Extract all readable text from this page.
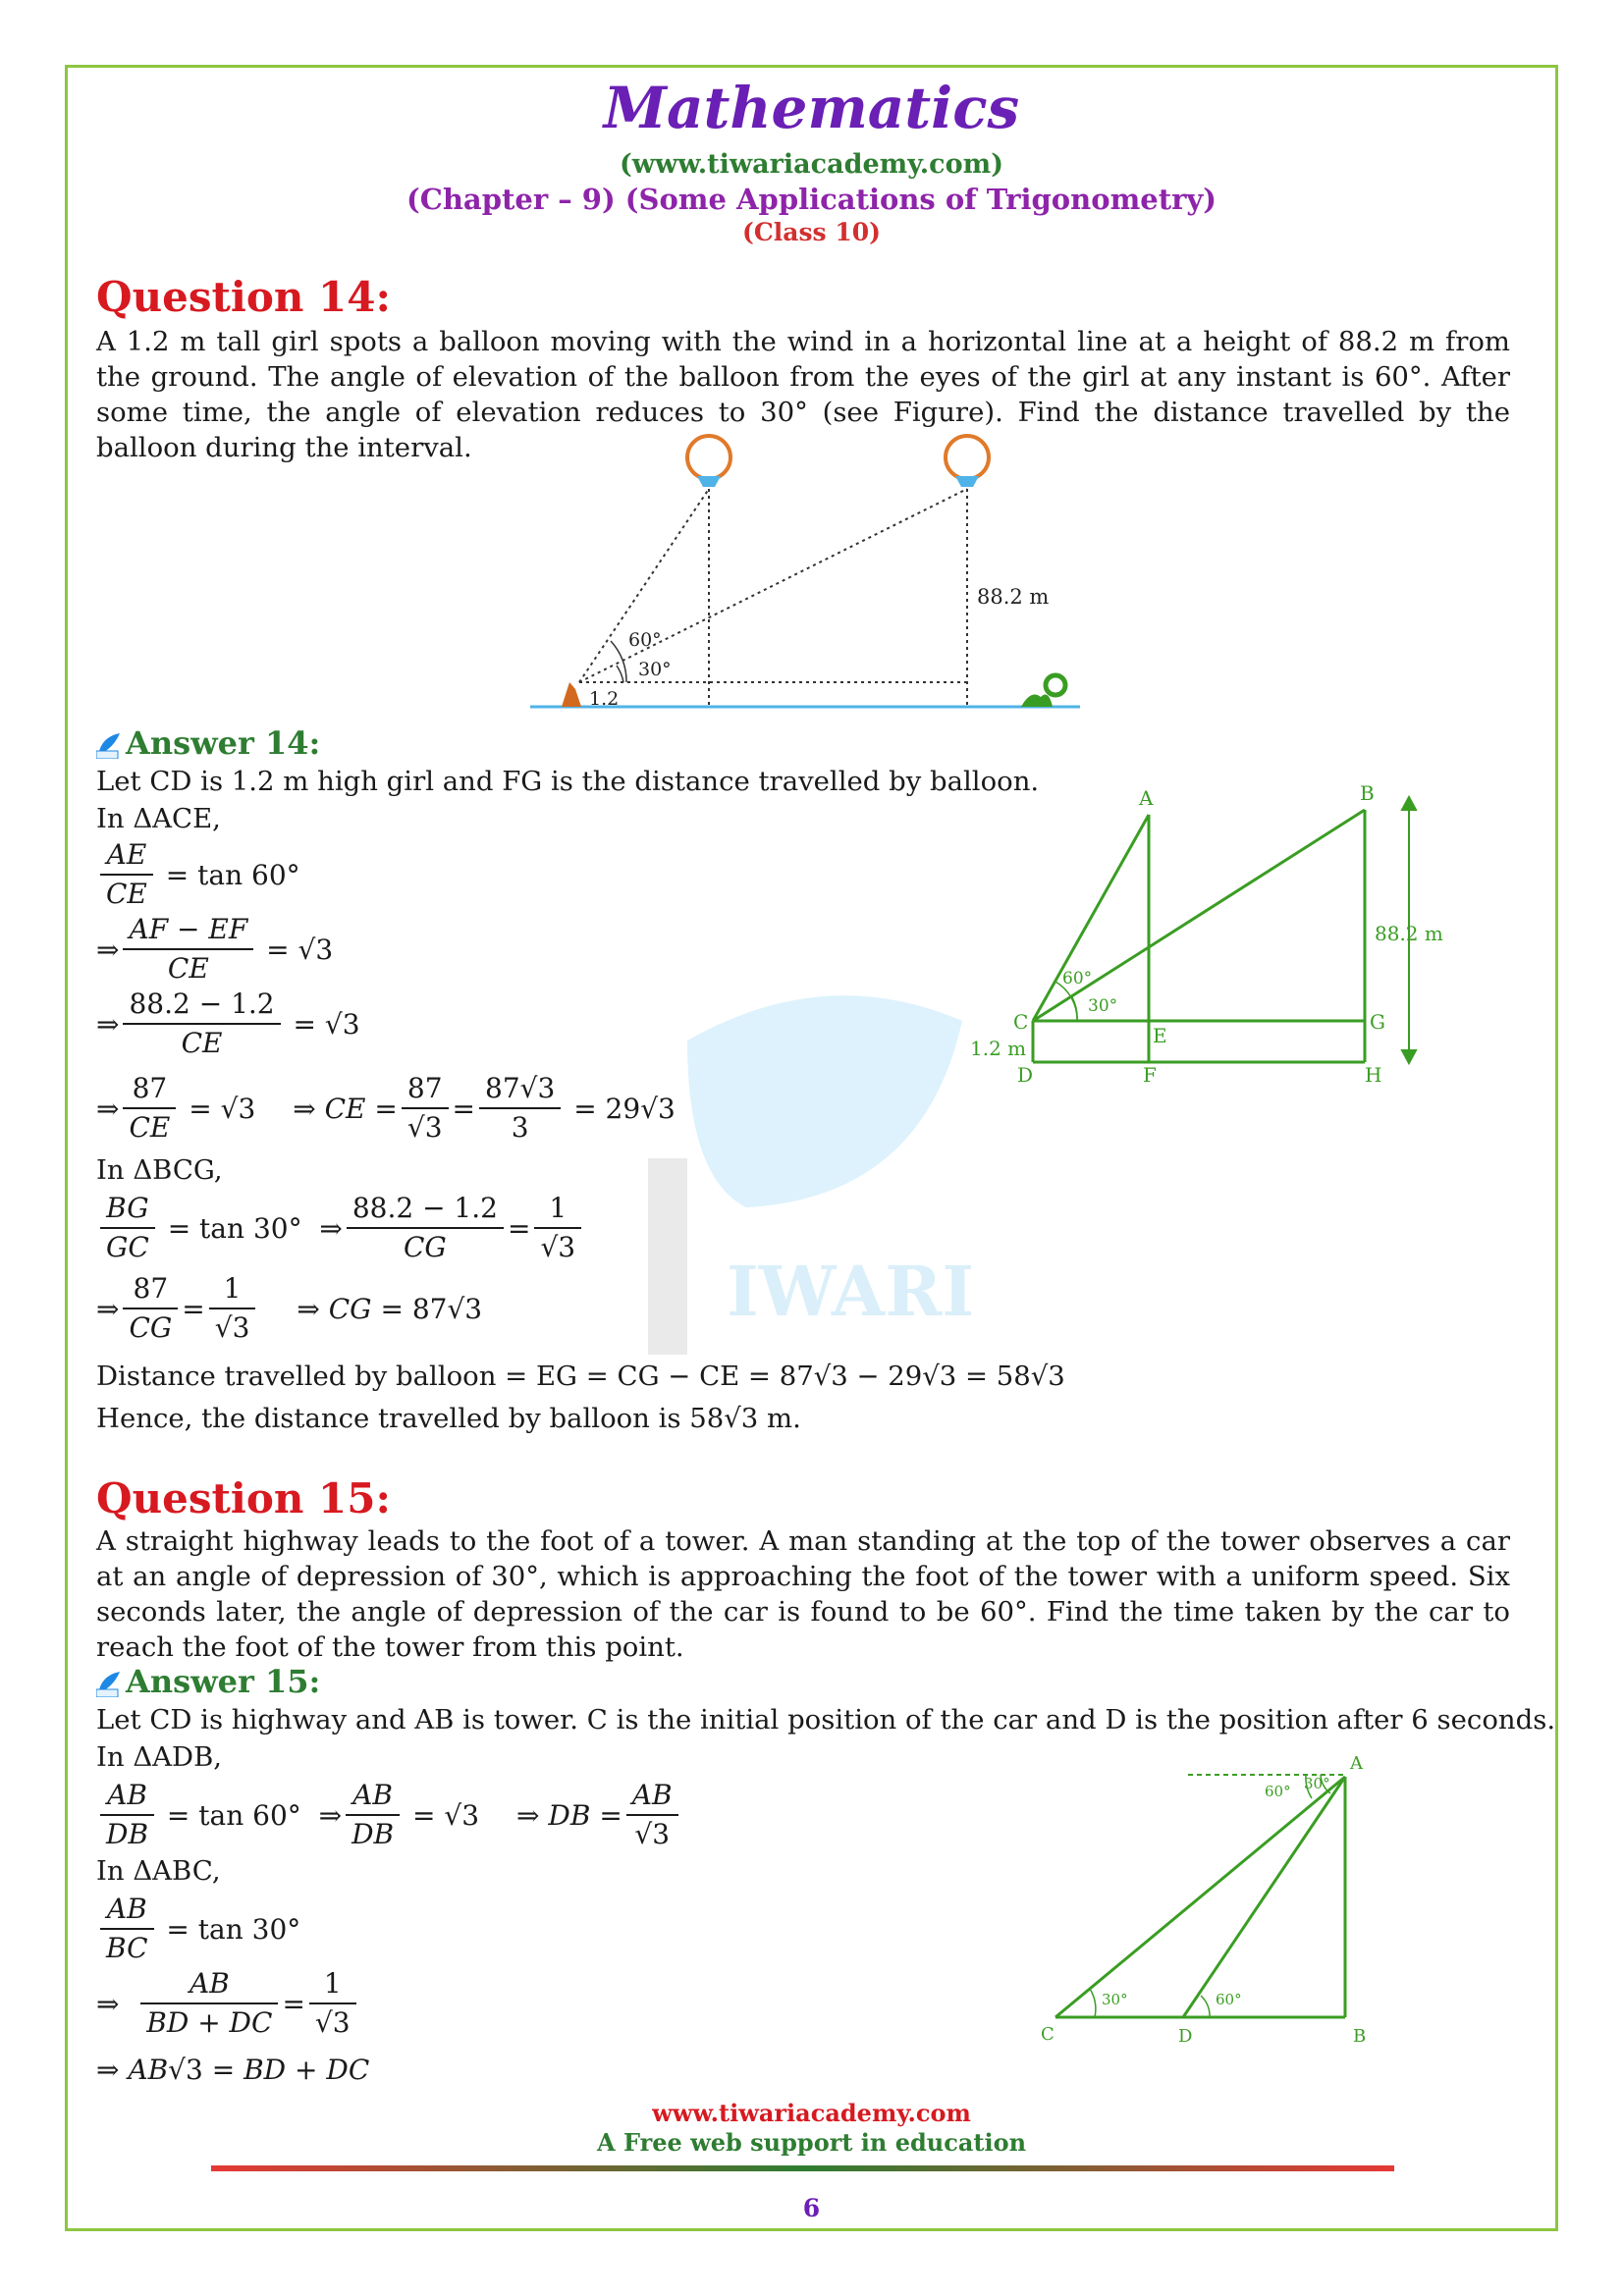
Mathematics
(www.tiwariacademy.com)
(Chapter – 9) (Some Applications of Trigonometry)
(Class 10)
IWARI
Question 14:
A 1.2 m tall girl spots a balloon moving with the wind in a horizontal line at a height of 88.2 m from the ground. The angle of elevation of the balloon from the eyes of the girl at any instant is 60°. After some time, the angle of elevation reduces to 30° (see Figure). Find the distance travelled by the balloon during the interval.
88.2 m
60°
30°
1.2
Answer 14:
Let CD is 1.2 m high girl and FG is the distance travelled by balloon.
In ΔACE,
$\frac{AE}{CE} = \tan 60^\circ$
⇒ $\frac{AF - EF}{CE} = √3$
⇒ $\frac{88.2 - 1.2}{CE} = √3$
⇒ $\frac{87}{CE} = √3$
⇒ CE = $\frac{87}{√3} = \frac{87√3}{3} = 29√3$
In ΔBCG,
$\frac{BG}{GC} = \tan 30^\circ$  ⇒ $\frac{88.2 - 1.2}{CG} = \frac{1}{√3}$
⇒ $\frac{87}{CG} = \frac{1}{√3}$ ⇒ CG = 87√3
Distance travelled by balloon = EG = CG − CE = 87√3 − 29√3 = 58√3
Hence, the distance travelled by balloon is 58√3 m.
A	B
C
D
E
F
G
H
88.2 m
1.2 m
60°
30°
Question 15:
A straight highway leads to the foot of a tower. A man standing at the top of the tower observes a car at an angle of depression of 30°, which is approaching the foot of the tower with a uniform speed. Six seconds later, the angle of depression of the car is found to be 60°. Find the time taken by the car to reach the foot of the tower from this point.
Answer 15:
Let CD is highway and AB is tower. C is the initial position of the car and D is the position after 6 seconds.
In ΔADB,
$\frac{AB}{DB} = \tan 60^\circ$  ⇒ $\frac{AB}{DB} = √3$
⇒ DB = $\frac{AB}{√3}$
In ΔABC,
$\frac{AB}{BC} = \tan 30^\circ$
⇒ $\frac{AB}{BD + DC} = \frac{1}{√3}$
⇒ AB √3 = BD + DC
A
B
C	D
60° 30°
30°	60°
www.tiwariacademy.com
A Free web support in education
6
